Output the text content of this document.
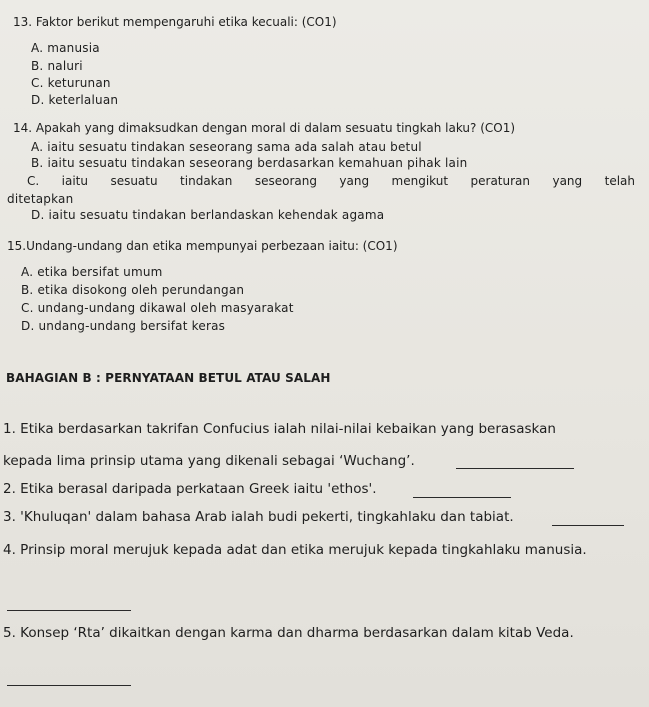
13. Faktor berikut mempengaruhi etika kecuali: (CO1)
A. manusia
B. naluri
C. keturunan
D. keterlaluan
14. Apakah yang dimaksudkan dengan moral di dalam sesuatu tingkah laku? (CO1)
A. iaitu sesuatu tindakan seseorang sama ada salah atau betul
B. iaitu sesuatu tindakan seseorang berdasarkan kemahuan pihak lain
C. iaitu sesuatu tindakan seseorang yang mengikut peraturan yang telah
ditetapkan
D. iaitu sesuatu tindakan berlandaskan kehendak agama
15.Undang-undang dan etika mempunyai perbezaan iaitu: (CO1)
A. etika bersifat umum
B. etika disokong oleh perundangan
C. undang-undang dikawal oleh masyarakat
D. undang-undang bersifat keras
BAHAGIAN B : PERNYATAAN BETUL ATAU SALAH
1. Etika berdasarkan takrifan Confucius ialah nilai-nilai kebaikan yang berasaskan
kepada lima prinsip utama yang dikenali sebagai ‘Wuchang’.
2. Etika berasal daripada perkataan Greek iaitu 'ethos'.
3. 'Khuluqan' dalam bahasa Arab ialah budi pekerti, tingkahlaku dan tabiat.
4. Prinsip moral merujuk kepada adat dan etika merujuk kepada tingkahlaku manusia.
5. Konsep ‘Rta’ dikaitkan dengan karma dan dharma berdasarkan dalam kitab Veda.
